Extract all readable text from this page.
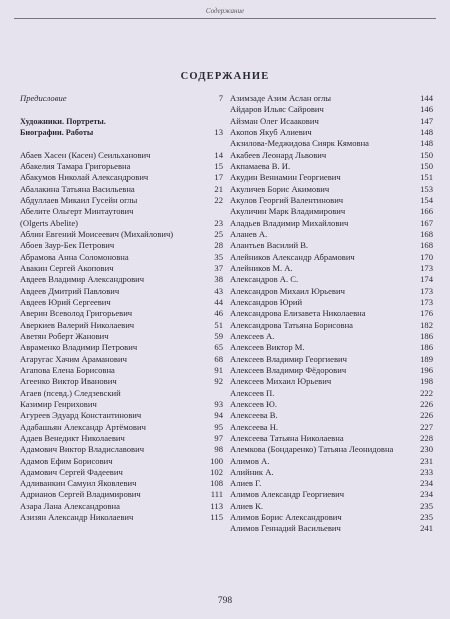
Содержание
СОДЕРЖАНИЕ
Предисловие	7
Художники. Портреты.
Биографии. Работы	13
Абаев Хасен (Касен) Сеильханович	14
Абакелия Тамара Григорьевна	15
Абакумов Николай Александрович	17
Абалакина Татьяна Васильевна	21
Абдуллаев Микаил Гусейн оглы	22
Абелите Ольгерт Минтаутович
(Olgerts Abelite)	23
Аблин Евгений Моисеевич (Михайлович)	25
Абоев Заур-Бек Петрович	28
Абрамова Анна Соломоновна	35
Авакин Сергей Акопович	37
Авдеев Владимир Александрович	38
Авдеев Дмитрий Павлович	43
Авдеев Юрий Сергеевич	44
Аверин Всеволод Григорьевич	46
Аверкиев Валерий Николаевич	51
Аветян Роберт Жанович	59
Авраменко Владимир Петрович	65
Агаругас Хачим Араманович	68
Агапова Елена Борисовна	91
Агеенко Виктор Иванович	92
Агаев (псевд.) Следзевский
Казимир Генрихович	93
Агуреев Эдуард Константинович	94
Адабашьян Александр Артёмович	95
Адаев Венедикт Николаевич	97
Адамович Виктор Владиславович	98
Адамов Ефим Борисович	100
Адамович Сергей Фадеевич	102
Адливанкин Самуил Яковлевич	108
Адрианов Сергей Владимирович	111
Азара Лана Александровна	113
Азизян Александр Николаевич	115
Азимзаде Азим Аслан оглы	144
Айдаров Ильяс Сайрович	146
Айзман Олег Исаакович	147
Акопов Якуб Алиевич	148
Акзилова-Меджидова Сиярк Кямовна	148
Акабеев Леонард Львович	150
Акпамаева В. И.	150
Акудин Вениамин Георгиевич	151
Акуличев Борис Акимович	153
Акулов Георгий Валентинович	154
Акуличин Марк Владимирович	166
Аладьев Владимир Михайлович	167
Аланев А.	168
Алантьев Василий В.	168
Алейников Александр Абрамович	170
Алейников М. А.	173
Александров А. С.	174
Александров Михаил Юрьевич	173
Александров Юрий	173
Александрова Елизавета Николаевна	176
Александрова Татьяна Борисовна	182
Алексеев А.	186
Алексеев Виктор М.	186
Алексеев Владимир Георгиевич	189
Алексеев Владимир Фёдорович	196
Алексеев Михаил Юрьевич	198
Алексеев П.	222
Алексеев Ю.	226
Алексеева В.	226
Алексеева Н.	227
Алексеева Татьяна Николаевна	228
Алемкова (Бондаренко) Татьяна Леонидовна	230
Алимов А.	231
Алийник А.	233
Алиев Г.	234
Алимов Александр Георгиевич	234
Алиев К.	235
Алимов Борис Александрович	235
Алимов Геннадий Васильевич	241
798
